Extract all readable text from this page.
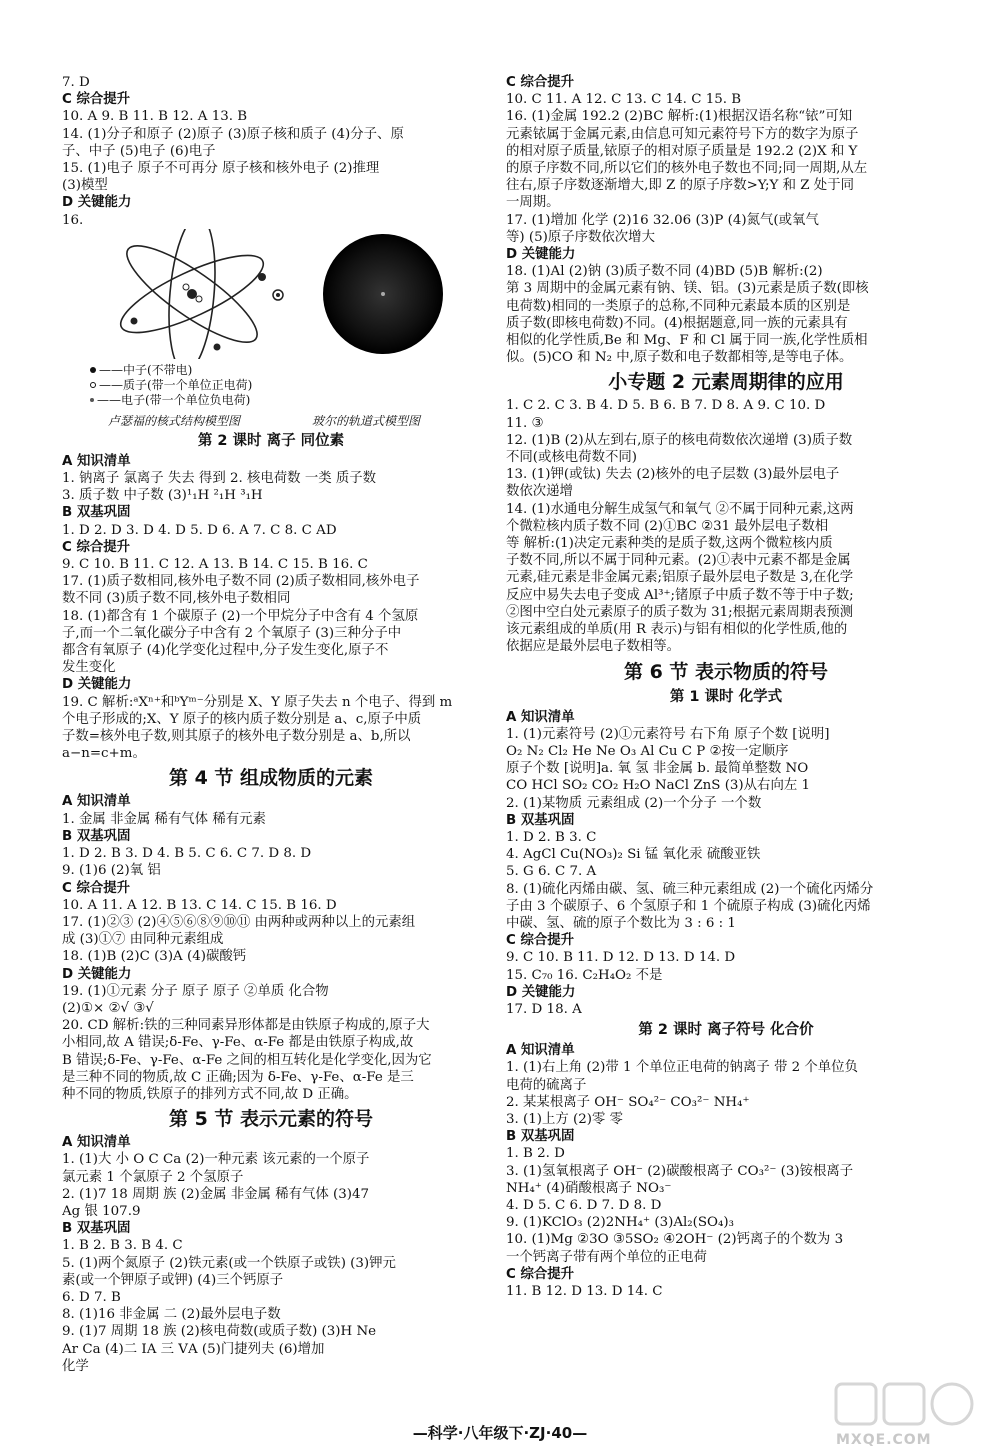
7. D
C 综合提升
10. A 9. B 11. B 12. A 13. B
14. (1)分子和原子 (2)原子 (3)原子核和质子 (4)分子、原
子、中子 (5)电子 (6)电子
15. (1)电子 原子不可再分 原子核和核外电子 (2)推理
(3)模型
D 关键能力
16.
——中子(不带电)
——质子(带一个单位正电荷)
——电子(带一个单位负电荷)
卢瑟福的核式结构模型图	玻尔的轨道式模型图
第 2 课时 离子 同位素
A 知识清单
1. 钠离子 氯离子 失去 得到 2. 核电荷数 一类 质子数
3. 质子数 中子数 (3)¹₁H ²₁H ³₁H
B 双基巩固
1. D 2. D 3. D 4. D 5. D 6. A 7. C 8. C AD
C 综合提升
9. C 10. B 11. C 12. A 13. B 14. C 15. B 16. C
17. (1)质子数相同,核外电子数不同 (2)质子数相同,核外电子
数不同 (3)质子数不同,核外电子数相同
18. (1)都含有 1 个碳原子 (2)一个甲烷分子中含有 4 个氢原
子,而一个二氧化碳分子中含有 2 个氧原子 (3)三种分子中
都含有氧原子 (4)化学变化过程中,分子发生变化,原子不
发生变化
D 关键能力
19. C 解析:ᵃXⁿ⁺和ᵇYᵐ⁻分别是 X、Y 原子失去 n 个电子、得到 m
个电子形成的;X、Y 原子的核内质子数分别是 a、c,原子中质
子数=核外电子数,则其原子的核外电子数分别是 a、b,所以
a−n=c+m。
第 4 节 组成物质的元素
A 知识清单
1. 金属 非金属 稀有气体 稀有元素
B 双基巩固
1. D 2. B 3. D 4. B 5. C 6. C 7. D 8. D
9. (1)6 (2)氧 铝
C 综合提升
10. A 11. A 12. B 13. C 14. C 15. B 16. D
17. (1)②③ (2)④⑤⑥⑧⑨⑩⑪ 由两种或两种以上的元素组
成 (3)①⑦ 由同种元素组成
18. (1)B (2)C (3)A (4)碳酸钙
D 关键能力
19. (1)①元素 分子 原子 原子 ②单质 化合物
(2)①× ②√ ③√
20. CD 解析:铁的三种同素异形体都是由铁原子构成的,原子大
小相同,故 A 错误;δ-Fe、γ-Fe、α-Fe 都是由铁原子构成,故
B 错误;δ-Fe、γ-Fe、α-Fe 之间的相互转化是化学变化,因为它
是三种不同的物质,故 C 正确;因为 δ-Fe、γ-Fe、α-Fe 是三
种不同的物质,铁原子的排列方式不同,故 D 正确。
第 5 节 表示元素的符号
A 知识清单
1. (1)大 小 O C Ca (2)一种元素 该元素的一个原子
氯元素 1 个氯原子 2 个氢原子
2. (1)7 18 周期 族 (2)金属 非金属 稀有气体 (3)47
Ag 银 107.9
B 双基巩固
1. B 2. B 3. B 4. C
5. (1)两个氮原子 (2)铁元素(或一个铁原子或铁) (3)钾元
素(或一个钾原子或钾) (4)三个钙原子
6. D 7. B
8. (1)16 非金属 二 (2)最外层电子数
9. (1)7 周期 18 族 (2)核电荷数(或质子数) (3)H Ne
Ar Ca (4)二 ⅠA 三 ⅤA (5)门捷列夫 (6)增加
化学
C 综合提升
10. C 11. A 12. C 13. C 14. C 15. B
16. (1)金属 192.2 (2)BC 解析:(1)根据汉语名称“铱”可知
元素铱属于金属元素,由信息可知元素符号下方的数字为原子
的相对原子质量,铱原子的相对原子质量是 192.2 (2)X 和 Y
的原子序数不同,所以它们的核外电子数也不同;同一周期,从左
往右,原子序数逐渐增大,即 Z 的原子序数>Y;Y 和 Z 处于同
一周期。
17. (1)增加 化学 (2)16 32.06 (3)P (4)氮气(或氧气
等) (5)原子序数依次增大
D 关键能力
18. (1)Al (2)钠 (3)质子数不同 (4)BD (5)B 解析:(2)
第 3 周期中的金属元素有钠、镁、铝。(3)元素是质子数(即核
电荷数)相同的一类原子的总称,不同种元素最本质的区别是
质子数(即核电荷数)不同。(4)根据题意,同一族的元素具有
相似的化学性质,Be 和 Mg、F 和 Cl 属于同一族,化学性质相
似。(5)CO 和 N₂ 中,原子数和电子数都相等,是等电子体。
小专题 2 元素周期律的应用
1. C 2. C 3. B 4. D 5. B 6. B 7. D 8. A 9. C 10. D
11. ③
12. (1)B (2)从左到右,原子的核电荷数依次递增 (3)质子数
不同(或核电荷数不同)
13. (1)钾(或钛) 失去 (2)核外的电子层数 (3)最外层电子
数依次递增
14. (1)水通电分解生成氢气和氧气 ②不属于同种元素,这两
个微粒核内质子数不同 (2)①BC ②31 最外层电子数相
等 解析:(1)决定元素种类的是质子数,这两个微粒核内质
子数不同,所以不属于同种元素。(2)①表中元素不都是金属
元素,硅元素是非金属元素;铝原子最外层电子数是 3,在化学
反应中易失去电子变成 Al³⁺;锗原子中质子数不等于中子数;
②图中空白处元素原子的质子数为 31;根据元素周期表预测
该元素组成的单质(用 R 表示)与铝有相似的化学性质,他的
依据应是最外层电子数相等。
第 6 节 表示物质的符号
第 1 课时 化学式
A 知识清单
1. (1)元素符号 (2)①元素符号 右下角 原子个数 [说明]
O₂ N₂ Cl₂ He Ne O₃ Al Cu C P ②按一定顺序
原子个数 [说明]a. 氧 氢 非金属 b. 最简单整数 NO
CO HCl SO₂ CO₂ H₂O NaCl ZnS (3)从右向左 1
2. (1)某物质 元素组成 (2)一个分子 一个数
B 双基巩固
1. D 2. B 3. C
4. AgCl Cu(NO₃)₂ Si 锰 氧化汞 硫酸亚铁
5. G 6. C 7. A
8. (1)硫化丙烯由碳、氢、硫三种元素组成 (2)一个硫化丙烯分
子由 3 个碳原子、6 个氢原子和 1 个硫原子构成 (3)硫化丙烯
中碳、氢、硫的原子个数比为 3 : 6 : 1
C 综合提升
9. C 10. B 11. D 12. D 13. D 14. D
15. C₇₀ 16. C₂H₄O₂ 不是
D 关键能力
17. D 18. A
第 2 课时 离子符号 化合价
A 知识清单
1. (1)右上角 (2)带 1 个单位正电荷的钠离子 带 2 个单位负
电荷的硫离子
2. 某某根离子 OH⁻ SO₄²⁻ CO₃²⁻ NH₄⁺
3. (1)上方 (2)零 零
B 双基巩固
1. B 2. D
3. (1)氢氧根离子 OH⁻ (2)碳酸根离子 CO₃²⁻ (3)铵根离子
NH₄⁺ (4)硝酸根离子 NO₃⁻
4. D 5. C 6. D 7. D 8. D
9. (1)KClO₃ (2)2NH₄⁺ (3)Al₂(SO₄)₃
10. (1)Mg ②3O ③5SO₂ ④2OH⁻ (2)钙离子的个数为 3
一个钙离子带有两个单位的正电荷
C 综合提升
11. B 12. D 13. D 14. C
—科学·八年级下·ZJ·40—	MXQE.COM
